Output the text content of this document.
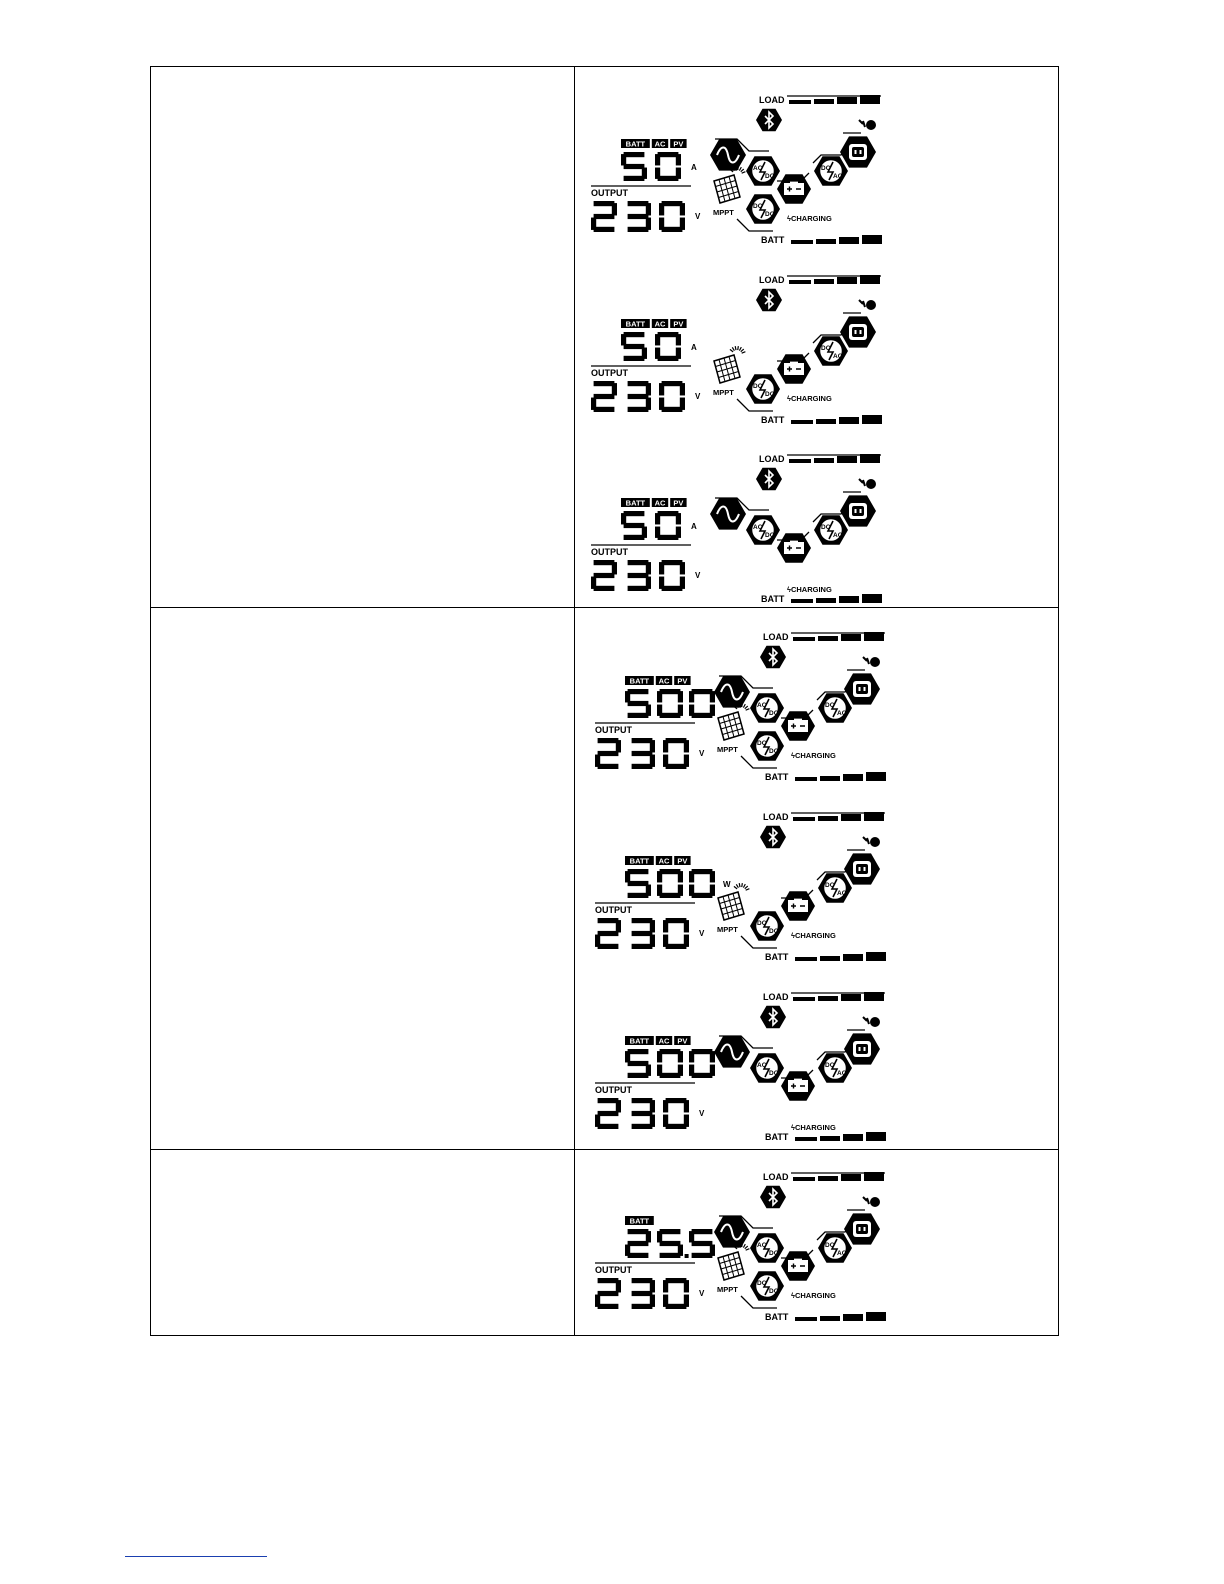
BATT AC PV
A
OUTPUT
V
LOAD
BATT
AC
DC
MPPT
DC
DC
DC
AC
ϟCHARGING
BATT AC PV
A
OUTPUT
V
LOAD
BATT
MPPT
DC
DC
DC
AC
ϟCHARGING
BATT AC PV
A
OUTPUT
V
LOAD
BATT
AC
DC
DC
AC
ϟCHARGING
BATT AC PV
OUTPUT
V
LOAD
BATT
AC
DC
MPPT
DC
DC
DC
AC
ϟCHARGING
BATT AC PV
W
OUTPUT
V
LOAD
BATT
MPPT
DC
DC
DC
AC
ϟCHARGING
BATT AC PV
OUTPUT
V
LOAD
BATT
AC
DC
DC
AC
ϟCHARGING
BATT
OUTPUT
V
LOAD
BATT
AC
DC
MPPT
DC
DC
DC
AC
ϟCHARGING
